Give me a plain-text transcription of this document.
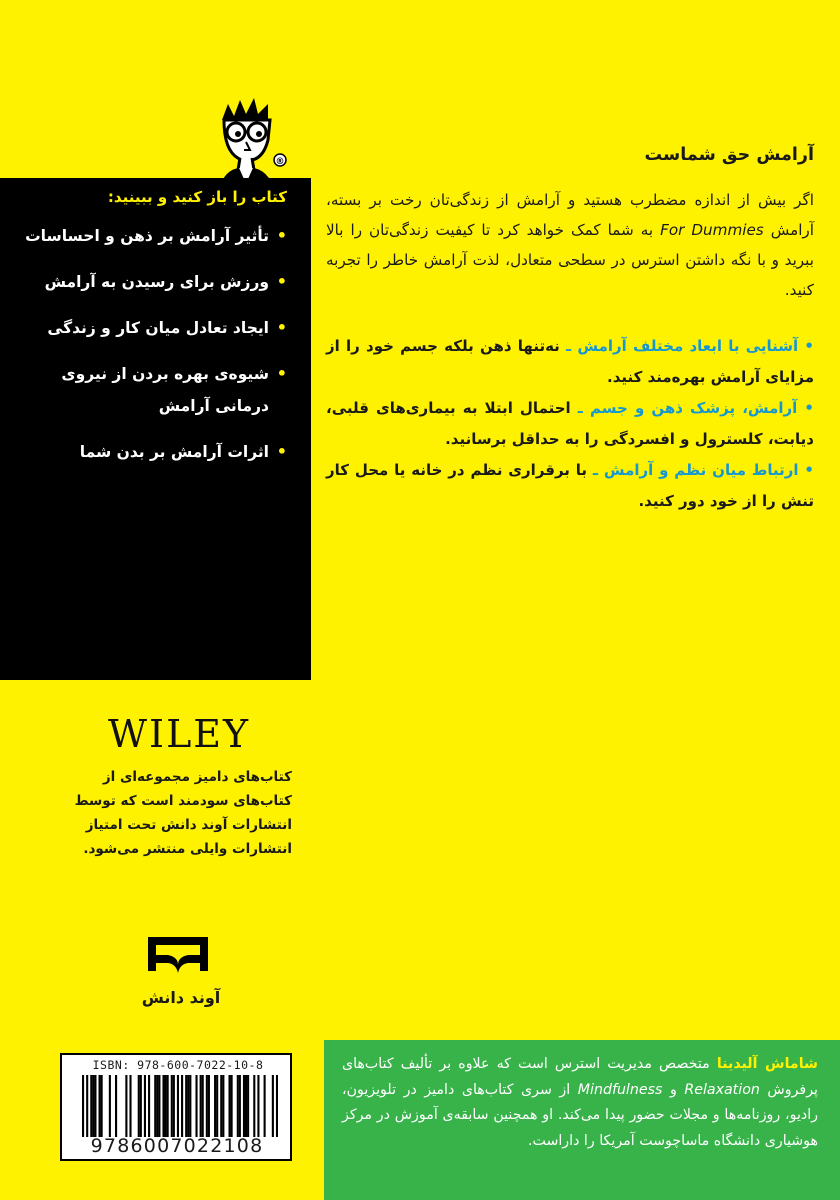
®
کتاب را باز کنید و ببینید:
•
تأثیر آرامش بر ذهن و احساسات
•
ورزش برای رسیدن به آرامش
•
ایجاد تعادل میان کار و زندگی
•
شیوه‌ی بهره بردن از نیروی درمانی آرامش
•
اثرات آرامش بر بدن شما
آرامش حق شماست

اگر بیش از اندازه مضطرب هستید و آرامش از زندگی‌تان رخت بر بسته، آرامش For Dummies به شما کمک خواهد کرد تا کیفیت زندگی‌تان را بالا ببرید و با نگه داشتن استرس در سطحی متعادل، لذت آرامش خاطر را تجربه کنید.

• آشنایی با ابعاد مختلف آرامش ـ نه‌تنها ذهن بلکه جسم خود را از مزایای آرامش بهره‌مند کنید.

• آرامش، پزشک ذهن و جسم ـ احتمال ابتلا به بیماری‌های قلبی، دیابت، کلسترول و افسردگی را به حداقل برسانید.

• ارتباط میان نظم و آرامش ـ با برقراری نظم در خانه یا محل کار تنش را از خود دور کنید.

WILEY
کتاب‌های دامیز مجموعه‌ای از کتاب‌های سودمند است که توسط انتشارات آوند دانش تحت امتیاز انتشارات وایلی منتشر می‌شود.
آوند دانش
ISBN: 978-600-7022-10-8
9786007022108
شاماش آلیدینا متخصص مدیریت استرس است که علاوه بر تألیف کتاب‌های پرفروش Relaxation و Mindfulness از سری کتاب‌های دامیز در تلویزیون، رادیو، روزنامه‌ها و مجلات حضور پیدا می‌کند. او همچنین سابقه‌ی آموزش در مرکز هوشیاری دانشگاه ماساچوست آمریکا را داراست.
